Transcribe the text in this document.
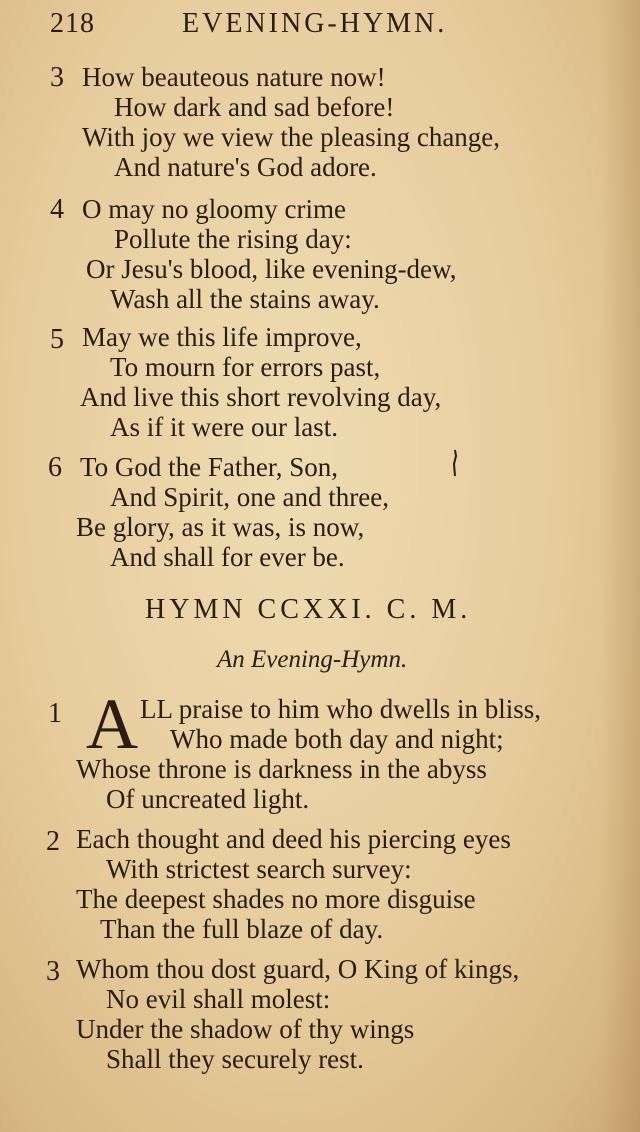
218	EVENING-HYMN.
3 How beauteous nature now!
How dark and sad before!
With joy we view the pleasing change,
And nature's God adore.
4 O may no gloomy crime
Pollute the rising day:
Or Jesu's blood, like evening-dew,
Wash all the stains away.
5 May we this life improve,
To mourn for errors past,
And live this short revolving day,
As if it were our last.
6 To God the Father, Son,
And Spirit, one and three,
Be glory, as it was, is now,
And shall for ever be.
HYMN CCXXI. C. M.
An Evening-Hymn.
1 A LL praise to him who dwells in bliss,
Who made both day and night;
Whose throne is darkness in the abyss
Of uncreated light.
2 Each thought and deed his piercing eyes
With strictest search survey:
The deepest shades no more disguise
Than the full blaze of day.
3 Whom thou dost guard, O King of kings,
No evil shall molest:
Under the shadow of thy wings
Shall they securely rest.
